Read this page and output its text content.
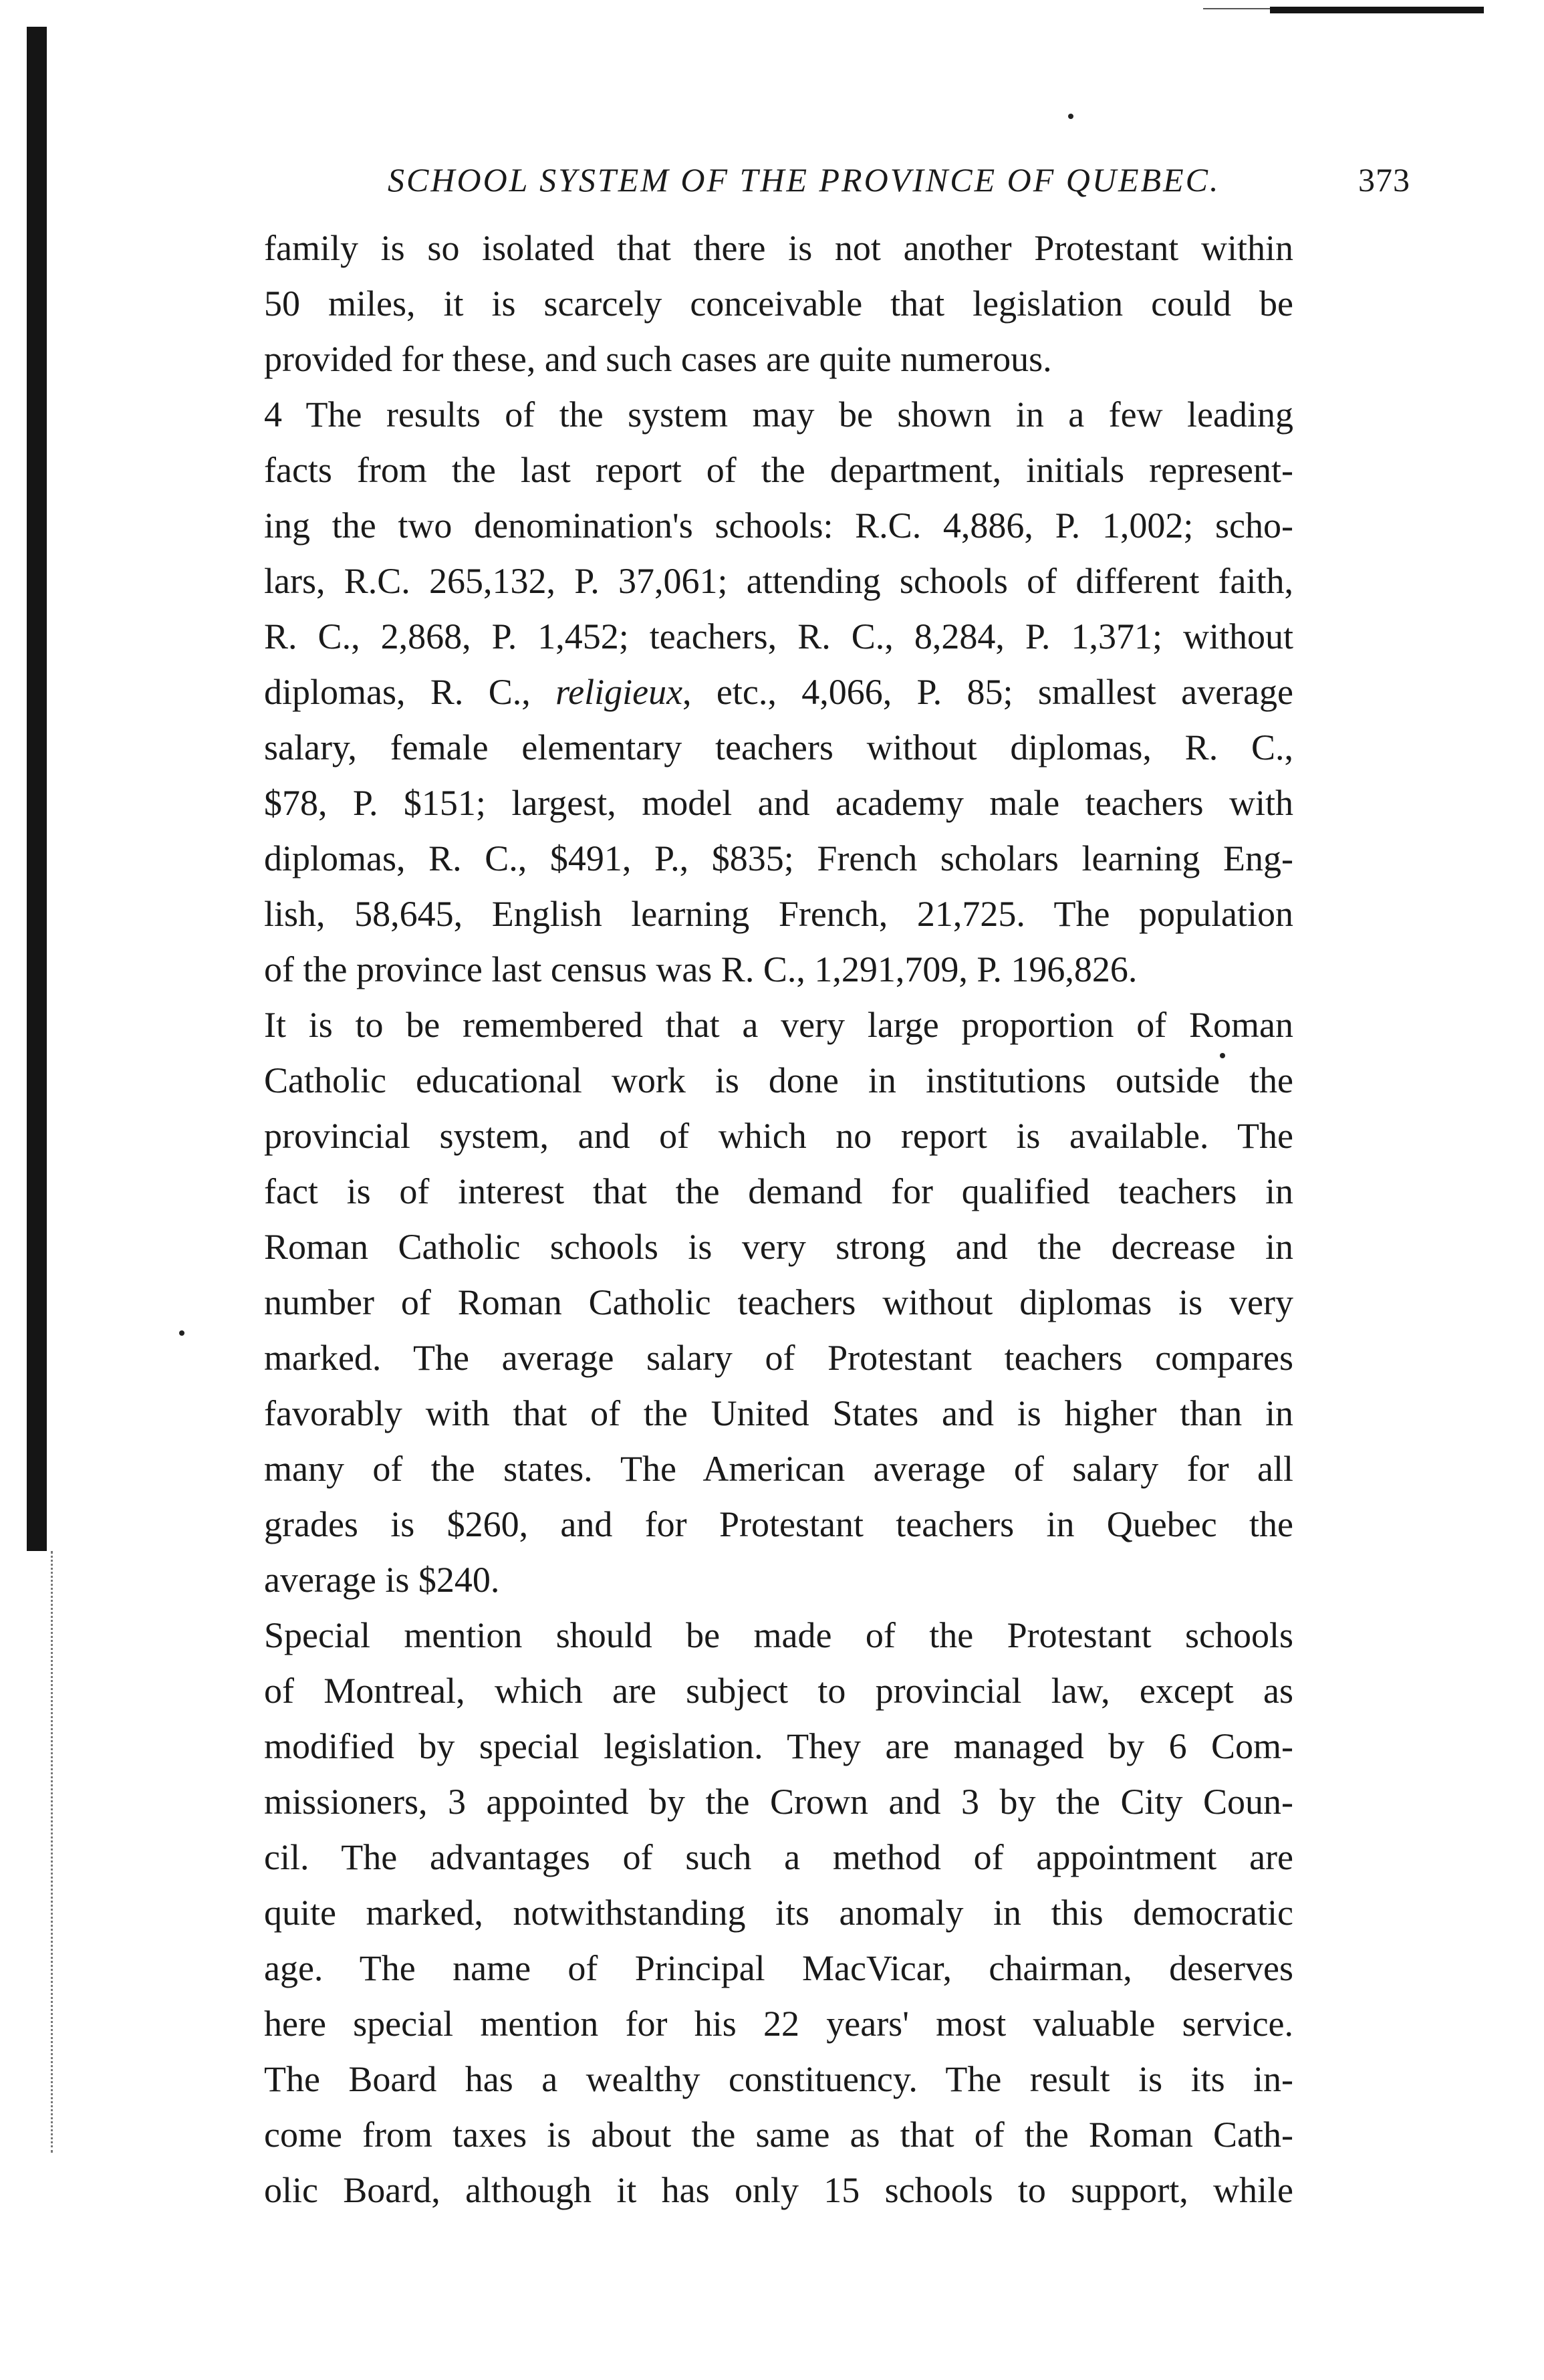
SCHOOL SYSTEM OF THE PROVINCE OF QUEBEC.	373
family is so isolated that there is not another Protestant within
50 miles, it is scarcely conceivable that legislation could be
provided for these, and such cases are quite numerous.
4 The results of the system may be shown in a few leading
facts from the last report of the department, initials represent-
ing the two denomination's schools: R.C. 4,886, P. 1,002; scho-
lars, R.C. 265,132, P. 37,061; attending schools of different faith,
R. C., 2,868, P. 1,452; teachers, R. C., 8,284, P. 1,371; without
diplomas, R. C., religieux, etc., 4,066, P. 85; smallest average
salary, female elementary teachers without diplomas, R. C.,
$78, P. $151; largest, model and academy male teachers with
diplomas, R. C., $491, P., $835; French scholars learning Eng-
lish, 58,645, English learning French, 21,725. The population
of the province last census was R. C., 1,291,709, P. 196,826.
It is to be remembered that a very large proportion of Roman
Catholic educational work is done in institutions outside the
provincial system, and of which no report is available. The
fact is of interest that the demand for qualified teachers in
Roman Catholic schools is very strong and the decrease in
number of Roman Catholic teachers without diplomas is very
marked. The average salary of Protestant teachers compares
favorably with that of the United States and is higher than in
many of the states. The American average of salary for all
grades is $260, and for Protestant teachers in Quebec the
average is $240.
Special mention should be made of the Protestant schools
of Montreal, which are subject to provincial law, except as
modified by special legislation. They are managed by 6 Com-
missioners, 3 appointed by the Crown and 3 by the City Coun-
cil. The advantages of such a method of appointment are
quite marked, notwithstanding its anomaly in this democratic
age. The name of Principal MacVicar, chairman, deserves
here special mention for his 22 years' most valuable service.
The Board has a wealthy constituency. The result is its in-
come from taxes is about the same as that of the Roman Cath-
olic Board, although it has only 15 schools to support, while
